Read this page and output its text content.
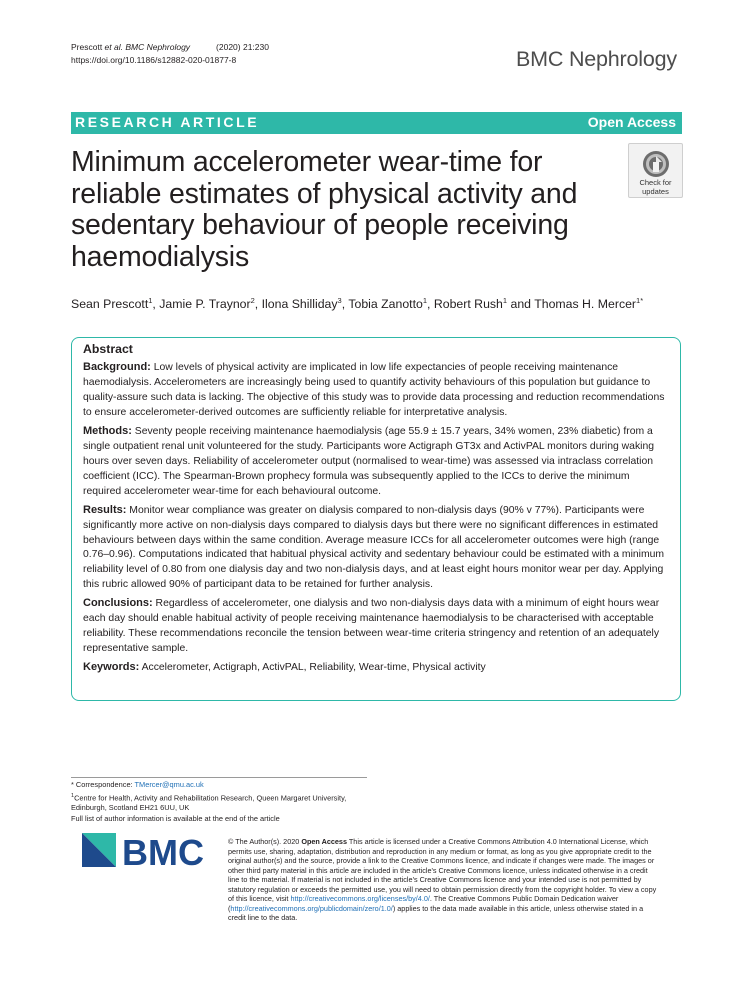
Prescott et al. BMC Nephrology	(2020) 21:230
https://doi.org/10.1186/s12882-020-01877-8	BMC Nephrology
RESEARCH ARTICLE	Open Access
Minimum accelerometer wear-time for reliable estimates of physical activity and sedentary behaviour of people receiving haemodialysis
Check for
updates
Sean Prescott$^1$, Jamie P. Traynor$^2$, Ilona Shilliday$^3$, Tobia Zanotto$^1$, Robert Rush$^1$ and Thomas H. Mercer$^{1*}$
Abstract

Background: Low levels of physical activity are implicated in low life expectancies of people receiving maintenance haemodialysis. Accelerometers are increasingly being used to quantify activity behaviours of this population but guidance to quality-assure such data is lacking. The objective of this study was to provide data processing and reduction recommendations to ensure accelerometer-derived outcomes are sufficiently reliable for interpretative analysis.

Methods: Seventy people receiving maintenance haemodialysis (age 55.9 ± 15.7 years, 34% women, 23% diabetic) from a single outpatient renal unit volunteered for the study. Participants wore Actigraph GT3x and ActivPAL monitors during waking hours over seven days. Reliability of accelerometer output (normalised to wear-time) was assessed via intraclass correlation coefficient (ICC). The Spearman-Brown prophecy formula was subsequently applied to the ICCs to derive the minimum required accelerometer wear-time for each behavioural outcome.

Results: Monitor wear compliance was greater on dialysis compared to non-dialysis days (90% v 77%). Participants were significantly more active on non-dialysis days compared to dialysis days but there were no significant differences in estimated behaviours between days within the same condition. Average measure ICCs for all accelerometer outcomes were high (range 0.76–0.96). Computations indicated that habitual physical activity and sedentary behaviour could be estimated with a minimum reliability level of 0.80 from one dialysis day and two non-dialysis days, and at least eight hours monitor wear per day. Applying this rubric allowed 90% of participant data to be retained for further analysis.

Conclusions: Regardless of accelerometer, one dialysis and two non-dialysis days data with a minimum of eight hours wear each day should enable habitual activity of people receiving maintenance haemodialysis to be characterised with acceptable reliability. These recommendations reconcile the tension between wear-time criteria stringency and retention of an adequately representative sample.

Keywords: Accelerometer, Actigraph, ActivPAL, Reliability, Wear-time, Physical activity

* Correspondence: TMercer@qmu.ac.uk
$^1$Centre for Health, Activity and Rehabilitation Research, Queen Margaret University, Edinburgh, Scotland EH21 6UU, UK
Full list of author information is available at the end of the article
BMC	© The Author(s). 2020 Open Access This article is licensed under a Creative Commons Attribution 4.0 International License, which permits use, sharing, adaptation, distribution and reproduction in any medium or format, as long as you give appropriate credit to the original author(s) and the source, provide a link to the Creative Commons licence, and indicate if changes were made. The images or other third party material in this article are included in the article's Creative Commons licence, unless indicated otherwise in a credit line to the material. If material is not included in the article's Creative Commons licence and your intended use is not permitted by statutory regulation or exceeds the permitted use, you will need to obtain permission directly from the copyright holder. To view a copy of this licence, visit http://creativecommons.org/licenses/by/4.0/. The Creative Commons Public Domain Dedication waiver (http://creativecommons.org/publicdomain/zero/1.0/) applies to the data made available in this article, unless otherwise stated in a credit line to the data.
